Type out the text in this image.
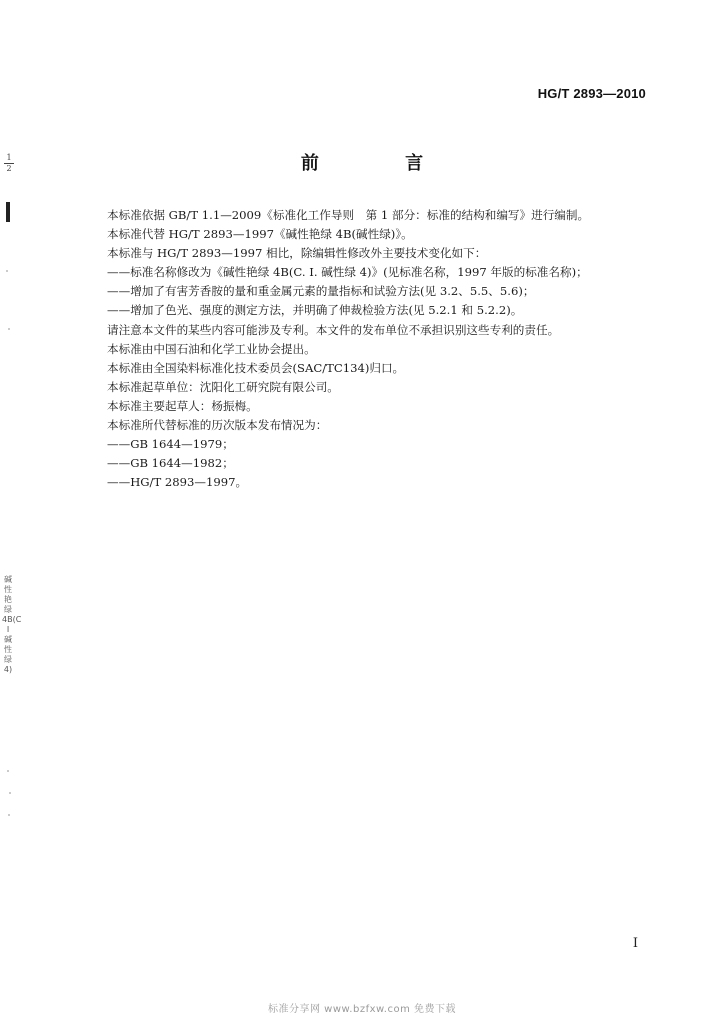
HG/T 2893—2010
前 言
本标准依据 GB/T 1.1—2009《标准化工作导则　第 1 部分：标准的结构和编写》进行编制。
本标准代替 HG/T 2893—1997《碱性艳绿 4B(碱性绿)》。
本标准与 HG/T 2893—1997 相比，除编辑性修改外主要技术变化如下：
——标准名称修改为《碱性艳绿 4B(C. I. 碱性绿 4)》(见标准名称，1997 年版的标准名称)；
——增加了有害芳香胺的量和重金属元素的量指标和试验方法(见 3.2、5.5、5.6)；
——增加了色光、强度的测定方法，并明确了伸裁检验方法(见 5.2.1 和 5.2.2)。
请注意本文件的某些内容可能涉及专利。本文件的发布单位不承担识别这些专利的责任。
本标准由中国石油和化学工业协会提出。
本标准由全国染料标准化技术委员会(SAC/TC134)归口。
本标准起草单位：沈阳化工研究院有限公司。
本标准主要起草人：杨振梅。
本标准所代替标准的历次版本发布情况为：
——GB 1644—1979；
——GB 1644—1982；
——HG/T 2893—1997。
1
2
碱性艳绿4B(C I 碱性绿4)
I
标准分享网 www.bzfxw.com 免费下载
